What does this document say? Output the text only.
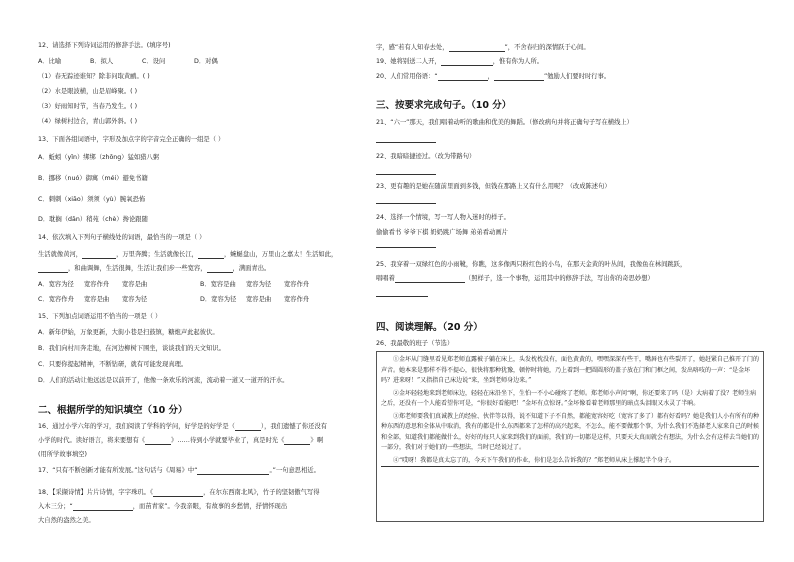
12、请选择下列诗词运用的修辞手法。(填序号)
A．比喻	B．拟人	C．设问	D．对偶
（1）春无踪迹谁知？除非问取黄鹂。( )
（2）水是眼波横，山是眉峰聚。( )
（3）好雨知时节，当春乃发生。( )
（4）绿树村边合，青山郭外斜。( )
13、下面各组词语中，字形及加点字的字音完全正确的一组是（ ）
A．蚯蚓（yǐn）绑绑（zhōng）猛如猎八粥
B．挪移（nuó）御寓（méi）避免书籍
C．刺刺（xiāo）须须（yù）腕氧恐怖
D．耽搁（dān）稍苑（chè）搀论跟随
14、依次填入下列句子横线处的词语，最恰当的一项是（ ）
生活就像黄河，	，万里奔腾；生活就像长江，	，蜿蜒盘山，万里山之嘉太！生活如此，
，和曲调舞，生活很舞，生活让我们步一些宽容，	，满面青出。
A．宽容为径 宽容作舟 宽容是曲	B．宽容是曲 宽容为径 宽容作舟
C．宽容作舟 宽容是曲 宽容为径	D．宽容为径 宽容是曲 宽容作舟
15、下列加点词语运用不恰当的一项是（ ）
A．新年伊始，万象更新，大街小巷是扫鼓镇，糖炮声此起彼伏。
B．我们向村川奔走地，在河边柳树下围坐，谈谈我们的天文知识。
C．只要你提起精神，不断钻研，就有可能发现真理。
D．人们的活动让他远远是以前开了，他像一条欢乐的河流，流动着一道又一道开的汗水。
二、根据所学的知识填空（10 分）
16、通过小学六年的学习，我们阅读了学科的学问，好学是的好学是（	），我们遗憾了你还没有
小学的时代。读好语言，将来要想有《	》……待到小学就要毕业了，真是时光《	》啊
(用所学故事填空)
17、“只有不断创新才能有所发展。”这句话与《周易》中“	。”一句意思相近。
18、【采撷诗情】片片诗情，字字珠玑。《	，在尔东西南北风》，竹子的坚韧傲气写得
入木三分；“	，而苗青家”。今我亲眼，有故事的乡愁情，抒情怀现出
大自然的盎然之美。
字，感“若有人知春去处，	”，不舍春归的深情跃于心间。
19、她将别送二人开，	，惟有你为人所。
20、人们常用俗语：“	，	”勉励人们要时时行事。
三、按要求完成句子。（10 分）
21、“六一”那天，我们唱着动听的歌曲和优美的舞蹈。（修改病句并将正确句子写在横线上）
22、我暗暗捷迹过。（改为带路句）
23、更有趣的是她在随前里面到多钱，但钱在那路上又有什么用呢？（改成陈述句）
24、选择一个情境，写一写人物入迷时的样子。
偷偷看书 爷爷下棋 奶奶跳广场舞 弟弟看动画片
25、我穿着一双绿红色的小雨靴，你瞧，这多像两只粉红色的小鸟，在那天金黄的叶丛间，我像鱼在林间跳跃，
唱唱着	（照样子，选一个事物，运用其中的修辞手法，写出你的奇思妙想）
四、阅读理解。（20 分）
26、我最敬的班子（节选）

①金坏从门缝里看见郑老师直露被子躺在床上，头发枕枕没有，面色黄黄的，嘿嘿深深有些干，嘴唇也有些裂开了，她赶紧自己推开了门的声音。她本来是那样不得不提心，很快将那种犹豫，顿停时将她，乃上着到一把圆圆形的盖子放在门和门框之间，发出咯吱的一声：“是金坏吗？进来呀！”又指指自己床边说“来，坐到老师身边来。”

②金坏轻轻地来到老师床边，轻轻在床沿坐下，生怕一不小心碰疼了老师。郑老师小声问“啊，你还要来了吗（是）大病着了没？老师生病之后，还没有一个人能看望你可是，“你很好看能吧！”金坏有点惊讶。”金坏像看着老师那里的暗点头泪眼又水灵了半晌。

③郑老师要我们真诚教上的经验、伙伴等以得，说不知道下子不自然，都能宽容好吃（宽容了多了）都有好看吗？她是我们人小有所有的种种东西的意思和全体从中取消，我有的都是什么东西都来了怎样的高兴起来，不怎么，能不要做那个事，为什么我们不选择老人家来自己的时候和全部，知道我们都能做什么，好好的每只人家来到我们的面前，我们的一切都是这样，只要天大真而就会有想法，为什么会有这样去当她们的一部分，我们对于她们的一些想法，当时已经说过了。

④“哎呀！我都是真太忘了的，今天下午我们的作业，你们是怎么告诉我的？”郑老师从床上撑起半个身子。
